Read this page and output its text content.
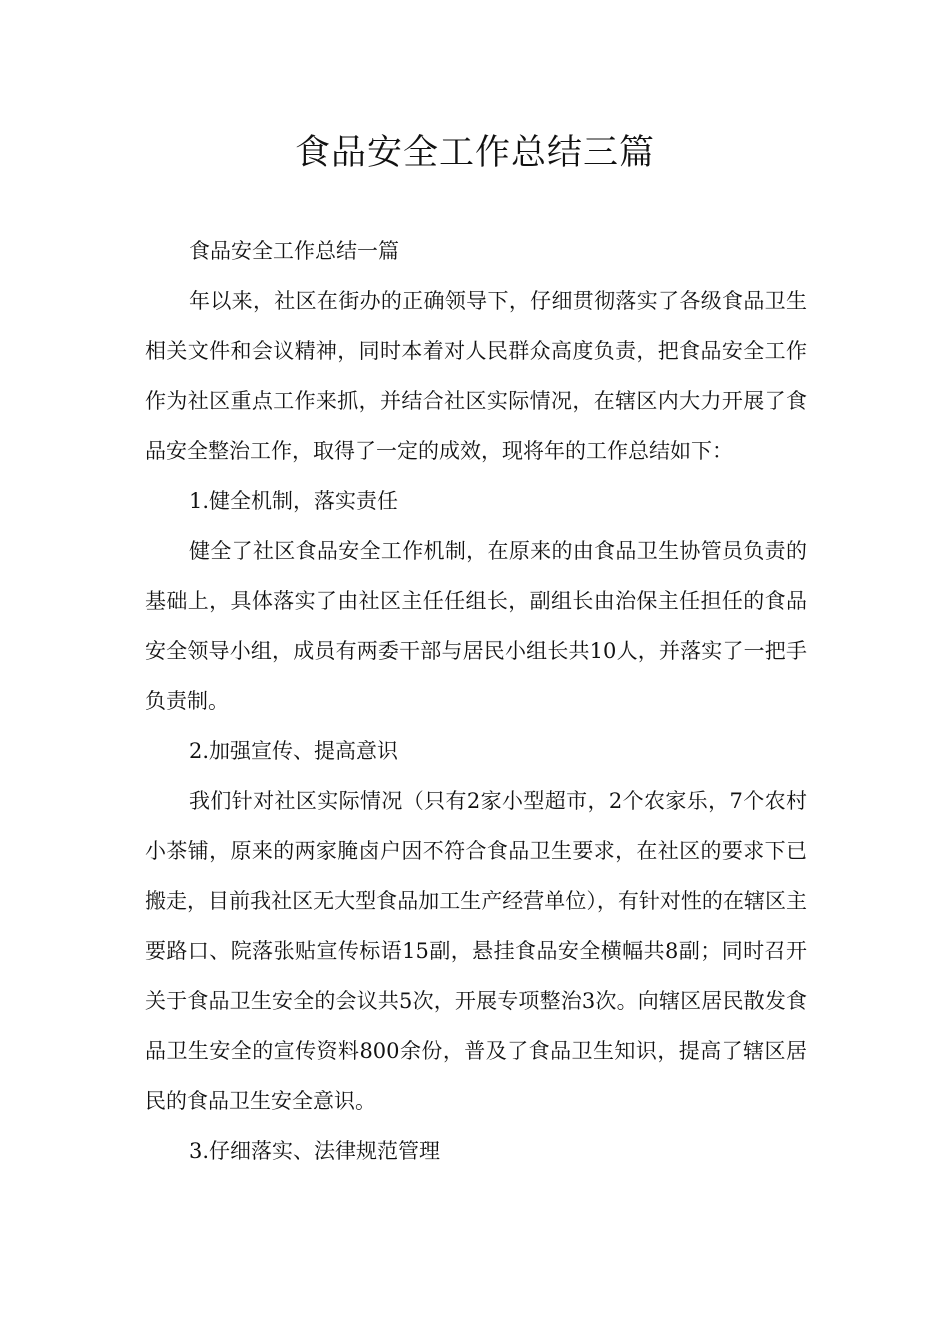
食品安全工作总结三篇

食品安全工作总结一篇

年以来，社区在街办的正确领导下，仔细贯彻落实了各级食品卫生相关文件和会议精神，同时本着对人民群众高度负责，把食品安全工作作为社区重点工作来抓，并结合社区实际情况，在辖区内大力开展了食品安全整治工作，取得了一定的成效，现将年的工作总结如下：

1.健全机制，落实责任

健全了社区食品安全工作机制，在原来的由食品卫生协管员负责的基础上，具体落实了由社区主任任组长，副组长由治保主任担任的食品安全领导小组，成员有两委干部与居民小组长共10人，并落实了一把手负责制。

2.加强宣传、提高意识

我们针对社区实际情况（只有2家小型超市，2个农家乐，7个农村小茶铺，原来的两家腌卤户因不符合食品卫生要求，在社区的要求下已搬走，目前我社区无大型食品加工生产经营单位），有针对性的在辖区主要路口、院落张贴宣传标语15副，悬挂食品安全横幅共8副；同时召开关于食品卫生安全的会议共5次，开展专项整治3次。向辖区居民散发食品卫生安全的宣传资料800余份，普及了食品卫生知识，提高了辖区居民的食品卫生安全意识。

3.仔细落实、法律规范管理
